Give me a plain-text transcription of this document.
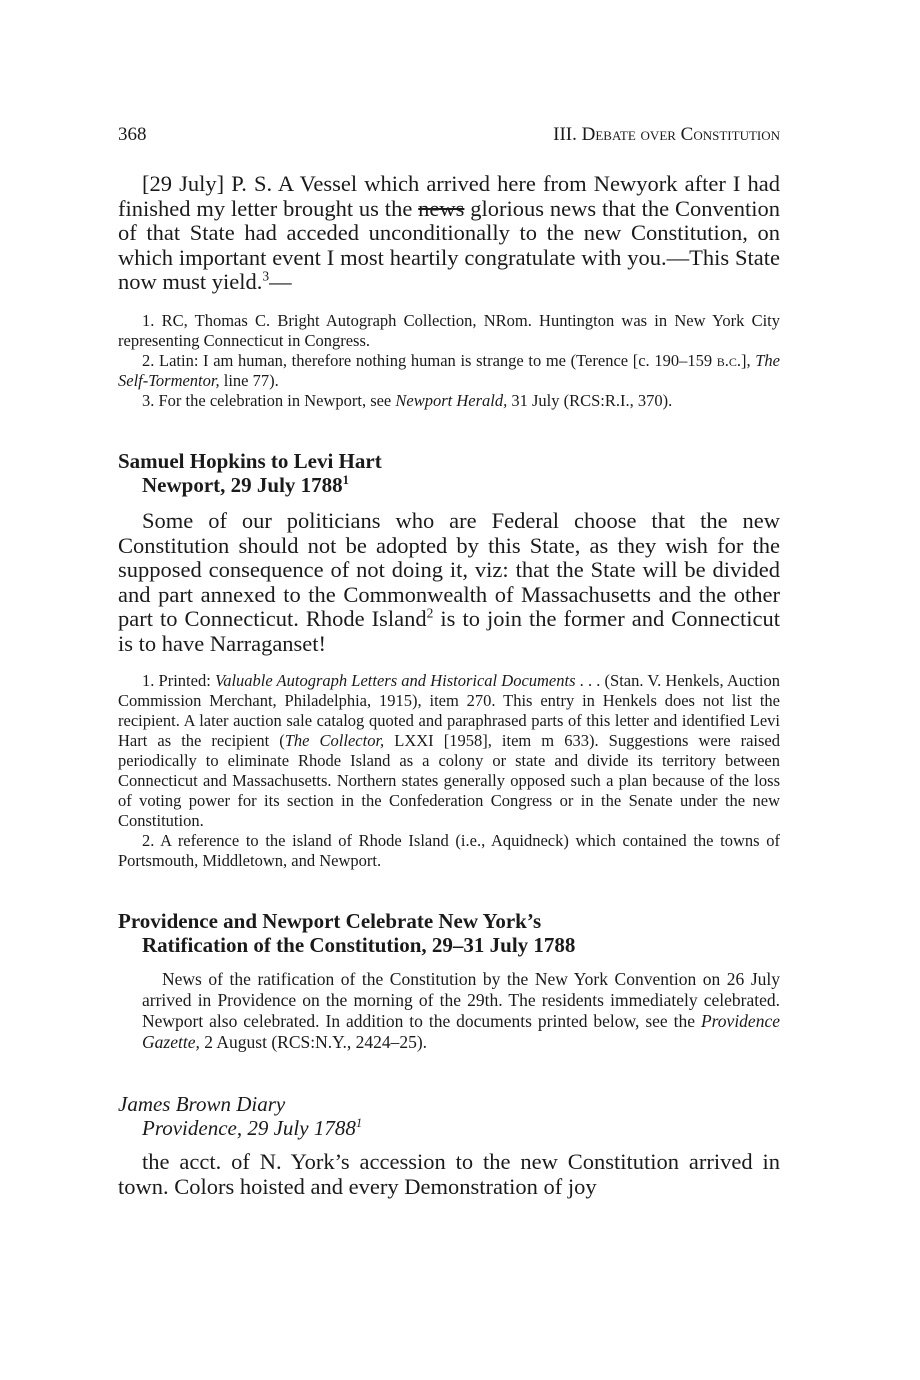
368	III. Debate over Constitution

[29 July] P. S. A Vessel which arrived here from Newyork after I had finished my letter brought us the news glorious news that the Convention of that State had acceded unconditionally to the new Constitution, on which important event I most heartily congratulate with you.—This State now must yield.$^3$—

1. RC, Thomas C. Bright Autograph Collection, NRom. Huntington was in New York City representing Connecticut in Congress.

2. Latin: I am human, therefore nothing human is strange to me (Terence [c. 190–159 b.c.], The Self-Tormentor, line 77).

3. For the celebration in Newport, see Newport Herald, 31 July (RCS:R.I., 370).

Samuel Hopkins to Levi Hart
Newport, 29 July 1788$^1$

Some of our politicians who are Federal choose that the new Constitution should not be adopted by this State, as they wish for the supposed consequence of not doing it, viz: that the State will be divided and part annexed to the Commonwealth of Massachusetts and the other part to Connecticut. Rhode Island$^2$ is to join the former and Connecticut is to have Narraganset!

1. Printed: Valuable Autograph Letters and Historical Documents . . . (Stan. V. Henkels, Auction Commission Merchant, Philadelphia, 1915), item 270. This entry in Henkels does not list the recipient. A later auction sale catalog quoted and paraphrased parts of this letter and identified Levi Hart as the recipient (The Collector, LXXI [1958], item m 633). Suggestions were raised periodically to eliminate Rhode Island as a colony or state and divide its territory between Connecticut and Massachusetts. Northern states generally opposed such a plan because of the loss of voting power for its section in the Confederation Congress or in the Senate under the new Constitution.

2. A reference to the island of Rhode Island (i.e., Aquidneck) which contained the towns of Portsmouth, Middletown, and Newport.

Providence and Newport Celebrate New York’s
Ratification of the Constitution, 29–31 July 1788

News of the ratification of the Constitution by the New York Convention on 26 July arrived in Providence on the morning of the 29th. The residents immediately celebrated. Newport also celebrated. In addition to the documents printed below, see the Providence Gazette, 2 August (RCS:N.Y., 2424–25).

James Brown Diary
Providence, 29 July 1788$^1$

the acct. of N. York’s accession to the new Constitution arrived in town. Colors hoisted and every Demonstration of joy
